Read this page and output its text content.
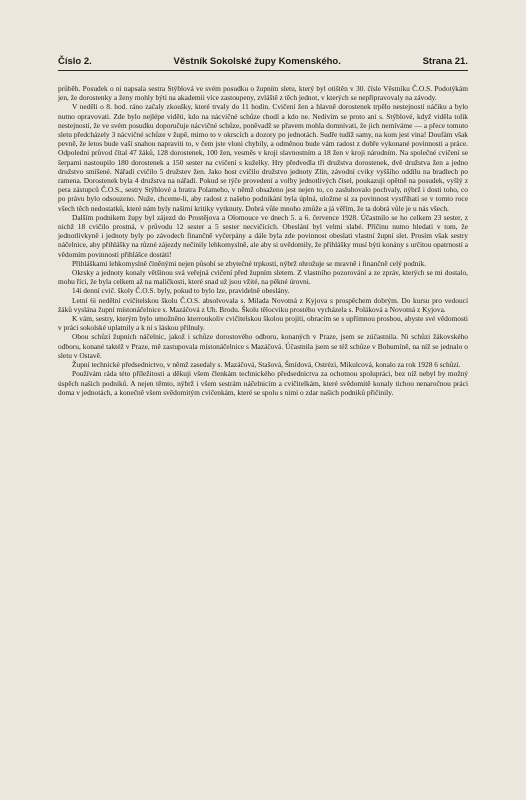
Číslo 2.	Věstník Sokolské župy Komenského.	Strana 21.

průběh. Posudek o ni napsala sestra Stýblová ve svém posudku o župním sletu, který byl otištěn v 30. čísle Věstníku Č.O.S. Podotýkám jen, že dorostenky a ženy mohly býti na akademii více zastoupeny, zvláště z těch jednot, v kterých se nepřipravovaly na závody.

V neděli o 8. hod. ráno začaly zkoušky, které trvaly do 11 hodin. Cvičení žen a hlavně dorostenek trpělo nestejností náčiku a bylo nutno opravovati. Zde bylo nejlépe viděti, kdo na nácvičné schůze chodí a kdo ne. Nedivím se proto ani s. Stýblové, když viděla tolik nestejností, že ve svém posudku doporučuje nácvičné schůze, poněvadž se přavem mohla domnívati, že jich nemíváme — a přece tomuto sletu předcházely 3 nácvičné schůze v župě, mimo to v okrscích a dozory po jednotách. Sudře tudíž samy, na kom jest vina! Doufám však pevně, že letos bude vaší snahou napraviti to, v čem jste vloni chybily, a odměnou bude vám radost z dobře vykonané povinnosti a práce. Odpoledni průvod čítal 47 žáků, 128 dorostenek, 100 žen, vesměs v kroji slavnostním a 18 žen v kroji národním. Na společné cvičení se šerpami nastoupilo 180 dorostenek a 150 sester na cvičení s kuželky. Hry předvedla tři družstva dorostenek, dvě družstva žen a jedno družstvo smíšené. Nářadí cvičilo 5 družstev žen. Jako host cvičilo družstvo jednoty Zlín, závodní cviky vyššího oddílu na bradlech po ramena. Dorostenek byla 4 družstva na nářadí. Pokud se týče provedení a volby jednotlivých čísel, poukazuji opětně na posudek, vyšlý z pera zástupců Č.O.S., sestry Stýblové a bratra Polameho, v němž obsaženo jest nejen to, co zasluhovalo pochvaly, nýbrž i dosti toho, co po právu bylo odsouzeno. Nuže, chceme-li, aby radost z našeho podnikání byla úplná, uložme si za povinnost vystříhati se v tomto roce všech těch nedostatků, které nám byly našimi kritiky vytknuty. Dobrá vůle mnoho zmůže a já věřím, že ta dobrá vůle je u nás všech.

Dalším podnikem župy byl zájezd do Prostějova a Olomouce ve dnech 5. a 6. července 1928. Účastnilo se ho celkem 23 sester, z nichž 18 cvičilo prostná, v průvodu 12 sester a 5 sester necvičících. Obeslání byl velmi slabé. Příčinu nutno hledati v tom, že jednotlivkyně i jednoty byly po závodech finančně vyčerpány a dále byla zde povinnost obeslati vlastní župní slet. Prosím však sestry náčelnice, aby přihlášky na různé zájezdy nečinily lehkomyslně, ale aby si uvědomily, že přihlášky musí býti konány s určitou opatrností a vědomím povinnosti přihlášce dostáti!

Přihláškami lehkomyslně činěnými nejen působí se zbytečné trpkosti, nýbrž ohrožuje se mravně i finančně celý podnik.

Okrsky a jednoty konaly většinou svá veřejná cvičení před župním sletem. Z vlastního pozorování a ze zpráv, kterých se mi dostalo, mohu říci, že byla celkem až na maličkosti, které snad už jsou vžité, na pěkné úrovni.

14i denní cvič. školy Č.O.S. byly, pokud to bylo lze, pravidelně obeslány.

Letní 6i nedělní cvičitelskou školu Č.O.S. absolvovala s. Milada Novotná z Kyjova s prospěchem dobrým. Do kursu pro vedoucí žáků vyslána župní místonáčelnice s. Mazáčová z Uh. Brodu. Školu tělocviku prostého vycházela s. Poláková a Novotná z Kyjova.

K vám, sestry, kterým bylo umožněno kterroukoliv cvičitelskou školou projíti, obracím se s upřímnou prosbou, abyste své vědomosti v práci sokolské uplatnily a k ni s láskou přilnuly.

Obou schůzí župních náčelnic, jakož i schůze dorostového odboru, konaných v Praze, jsem se zúčastnila. Ni schůzi žákovského odboru, konané taktéž v Praze, mě zastupovala místonáčelnice s Mazáčová. Účastnila jsem se též schůze v Bohumíně, na níž se jednalo o sletu v Ostavě.

Župní technické předsednictvo, v němž zasedaly s. Mazáčová, Stašová, Šmídová, Ostrézi, Mikulcová, konalo za rok 1928 6 schůzí.

Používám ráda této příležitosti a děkuji všem členkám technického předsednictva za ochotnou spolupráci, bez níž nebyl by možný úspěch našich podniků. A nejen těmto, nýbrž i všem sestrám náčelnicím a cvičitelkám, které svědomitě konaly tichou nenaročnou práci doma v jednotách, a konečně všem svědomitým cvičenkám, které se spolu s nimi o zdar našich podniků přičinily.
